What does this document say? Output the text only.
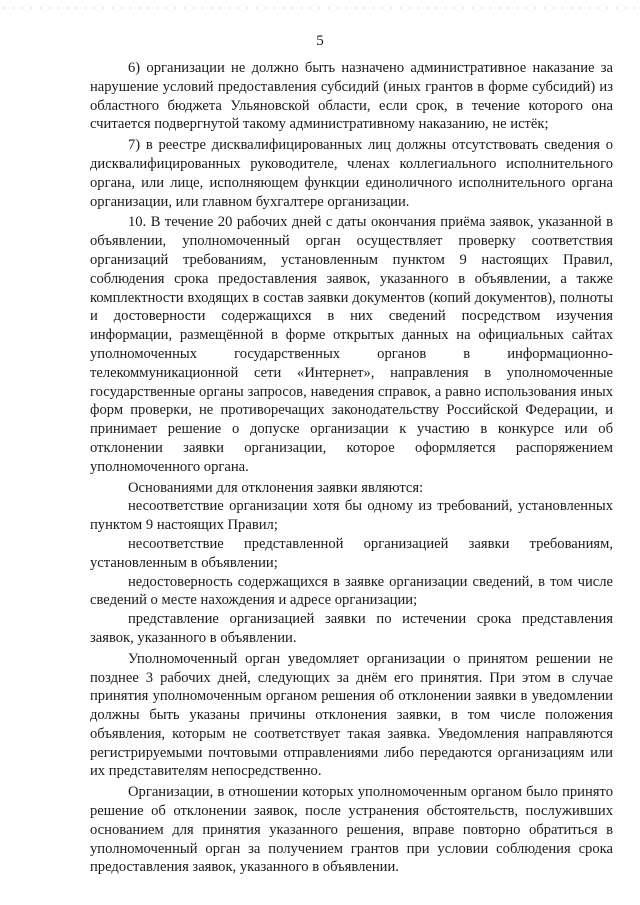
5

6) организации не должно быть назначено административное наказание за нарушение условий предоставления субсидий (иных грантов в форме субсидий) из областного бюджета Ульяновской области, если срок, в течение которого она считается подвергнутой такому административному наказанию, не истёк;

7) в реестре дисквалифицированных лиц должны отсутствовать сведения о дисквалифицированных руководителе, членах коллегиального исполнительного органа, или лице, исполняющем функции единоличного исполнительного органа организации, или главном бухгалтере организации.

10. В течение 20 рабочих дней с даты окончания приёма заявок, указанной в объявлении, уполномоченный орган осуществляет проверку соответствия организаций требованиям, установленным пунктом 9 настоящих Правил, соблюдения срока предоставления заявок, указанного в объявлении, а также комплектности входящих в состав заявки документов (копий документов), полноты и достоверности содержащихся в них сведений посредством изучения информации, размещённой в форме открытых данных на официальных сайтах уполномоченных государственных органов в информационно-телекоммуникационной сети «Интернет», направления в уполномоченные государственные органы запросов, наведения справок, а равно использования иных форм проверки, не противоречащих законодательству Российской Федерации, и принимает решение о допуске организации к участию в конкурсе или об отклонении заявки организации, которое оформляется распоряжением уполномоченного органа.

Основаниями для отклонения заявки являются:

несоответствие организации хотя бы одному из требований, установленных пунктом 9 настоящих Правил;

несоответствие представленной организацией заявки требованиям, установленным в объявлении;

недостоверность содержащихся в заявке организации сведений, в том числе сведений о месте нахождения и адресе организации;

представление организацией заявки по истечении срока представления заявок, указанного в объявлении.

Уполномоченный орган уведомляет организации о принятом решении не позднее 3 рабочих дней, следующих за днём его принятия. При этом в случае принятия уполномоченным органом решения об отклонении заявки в уведомлении должны быть указаны причины отклонения заявки, в том числе положения объявления, которым не соответствует такая заявка. Уведомления направляются регистрируемыми почтовыми отправлениями либо передаются организациям или их представителям непосредственно.

Организации, в отношении которых уполномоченным органом было принято решение об отклонении заявок, после устранения обстоятельств, послуживших основанием для принятия указанного решения, вправе повторно обратиться в уполномоченный орган за получением грантов при условии соблюдения срока предоставления заявок, указанного в объявлении.
